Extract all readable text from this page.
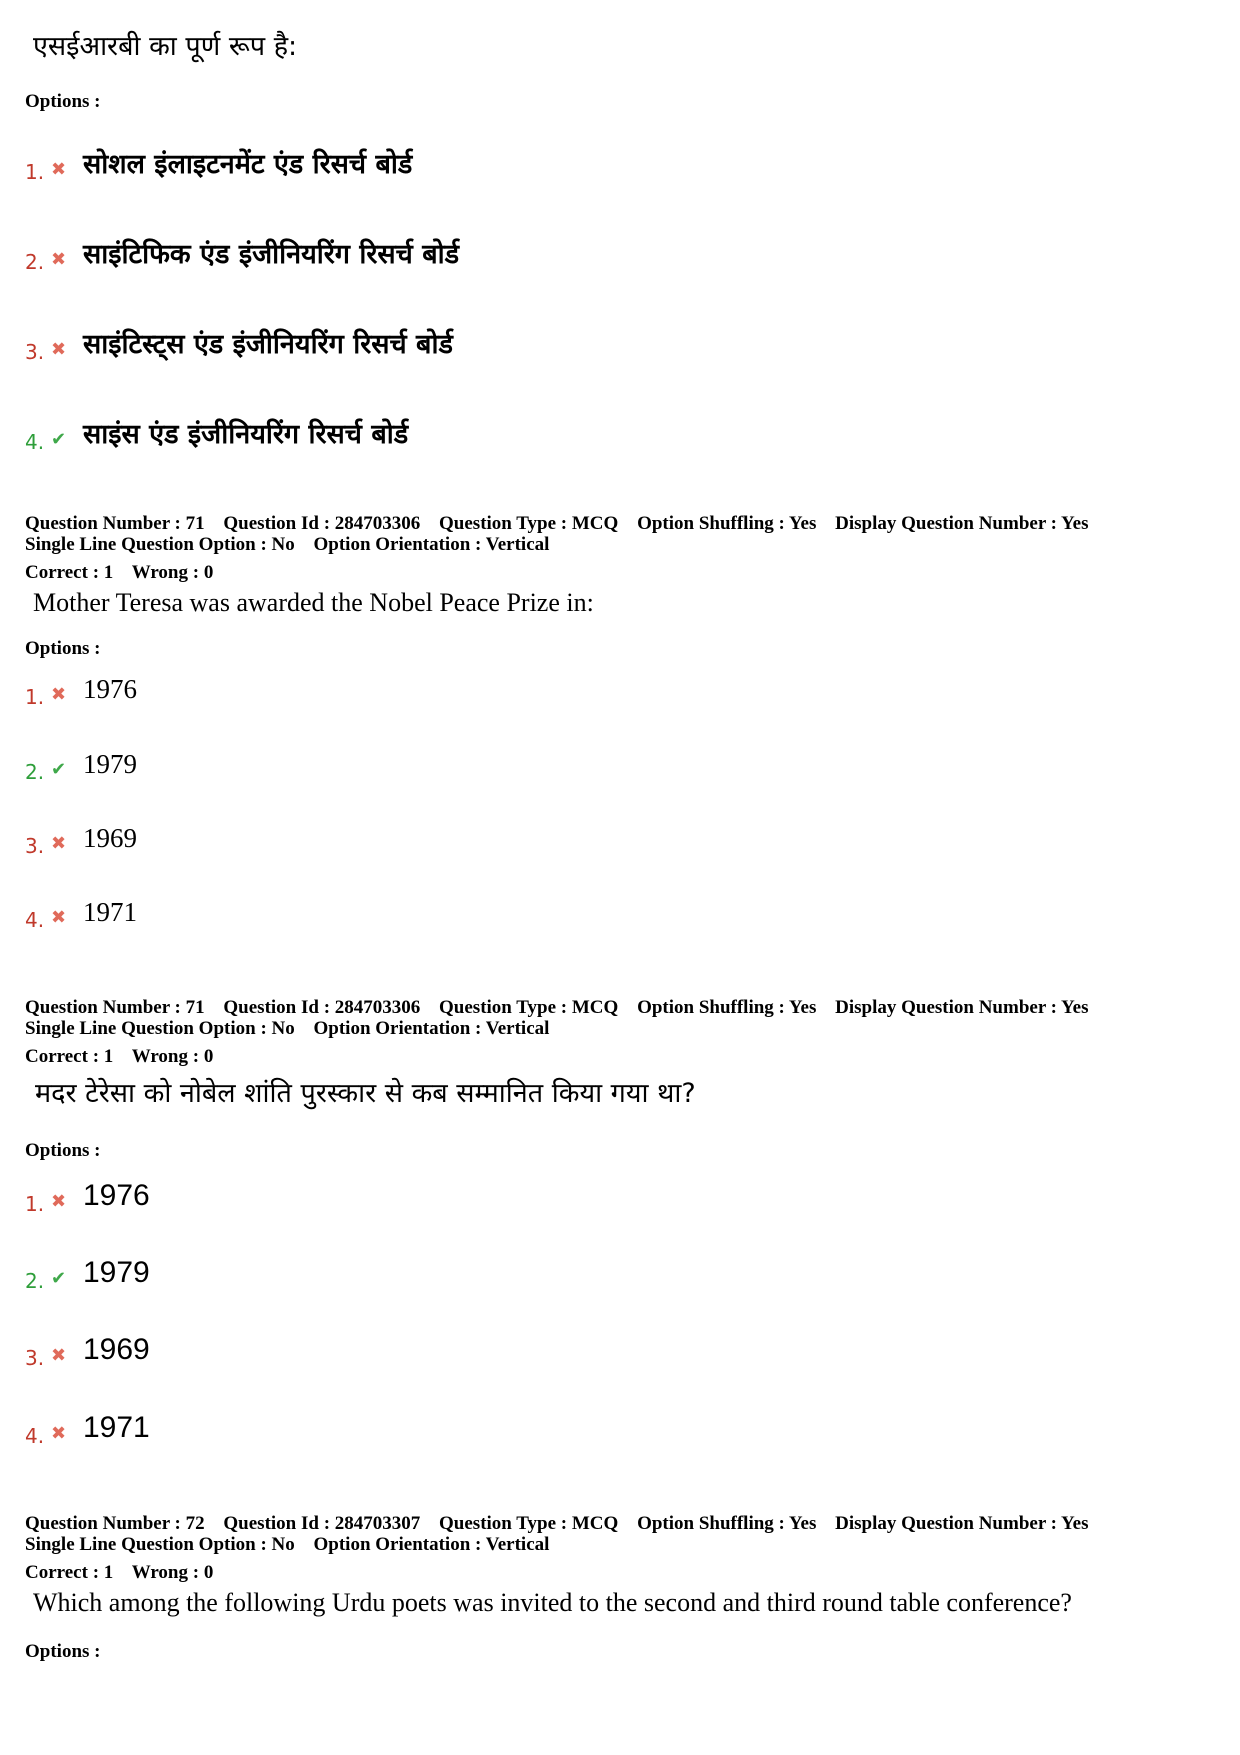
एसईआरबी का पूर्ण रूप है:
Options :
1. ✖ सोशल इंलाइटनमेंट एंड रिसर्च बोर्ड
2. ✖ साइंटिफिक एंड इंजीनियरिंग रिसर्च बोर्ड
3. ✖ साइंटिस्ट्स एंड इंजीनियरिंग रिसर्च बोर्ड
4. ✔ साइंस एंड इंजीनियरिंग रिसर्च बोर्ड
Question Number : 71 Question Id : 284703306 Question Type : MCQ Option Shuffling : Yes Display Question Number : Yes
Single Line Question Option : No Option Orientation : Vertical
Correct : 1 Wrong : 0
Mother Teresa was awarded the Nobel Peace Prize in:
Options :
1. ✖ 1976
2. ✔ 1979
3. ✖ 1969
4. ✖ 1971
Question Number : 71 Question Id : 284703306 Question Type : MCQ Option Shuffling : Yes Display Question Number : Yes
Single Line Question Option : No Option Orientation : Vertical
Correct : 1 Wrong : 0
मदर टेरेसा को नोबेल शांति पुरस्कार से कब सम्मानित किया गया था?
Options :
1. ✖ 1976
2. ✔ 1979
3. ✖ 1969
4. ✖ 1971
Question Number : 72 Question Id : 284703307 Question Type : MCQ Option Shuffling : Yes Display Question Number : Yes
Single Line Question Option : No Option Orientation : Vertical
Correct : 1 Wrong : 0
Which among the following Urdu poets was invited to the second and third round table conference?
Options :
